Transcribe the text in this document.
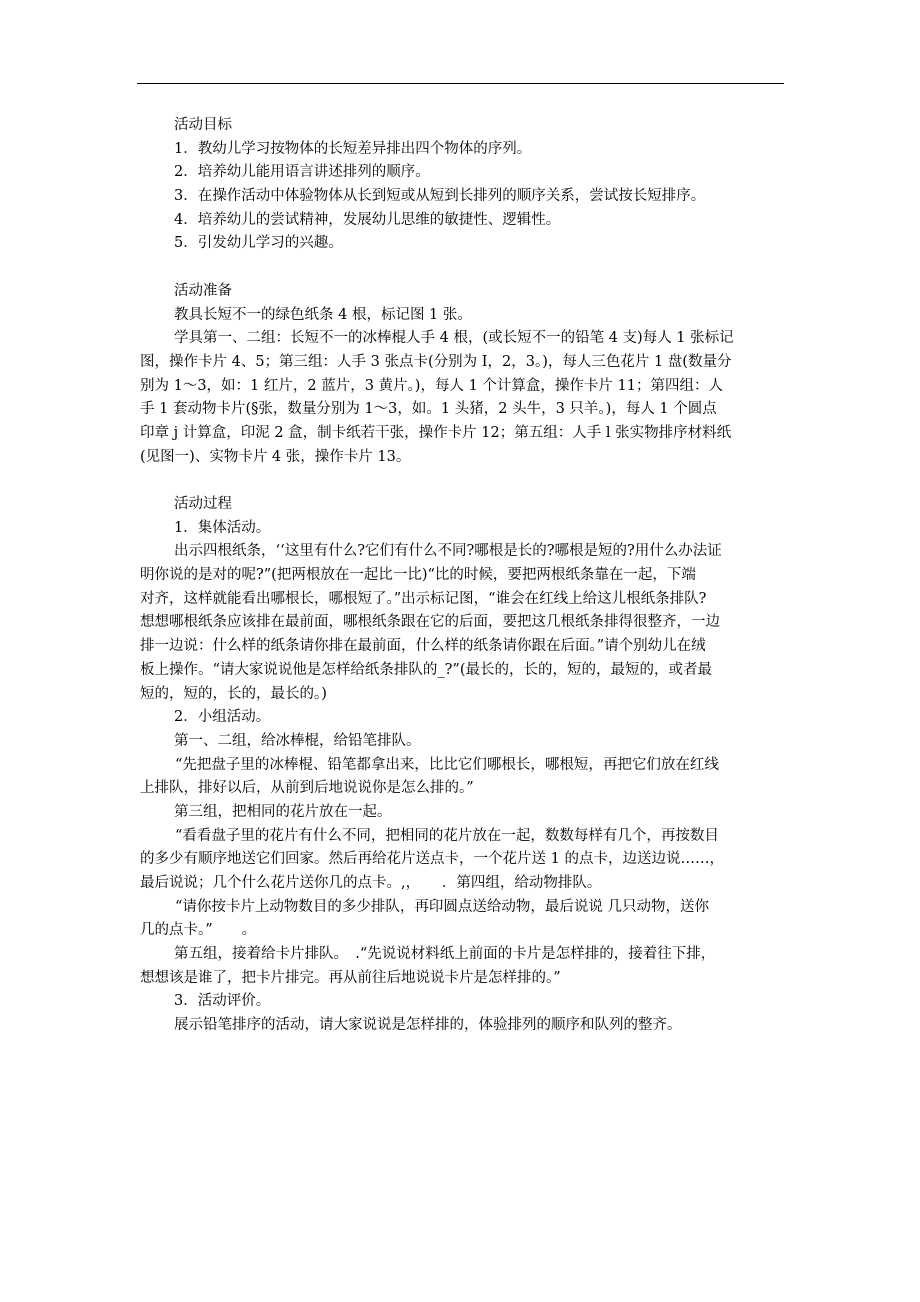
活动目标
1．教幼儿学习按物体的长短差异排出四个物体的序列。
2．培养幼儿能用语言讲述排列的顺序。
3．在操作活动中体验物体从长到短或从短到长排列的顺序关系，尝试按长短排序。
4．培养幼儿的尝试精神，发展幼儿思维的敏捷性、逻辑性。
5．引发幼儿学习的兴趣。
活动准备
教具长短不一的绿色纸条 4 根，标记图 1 张。
学具第一、二组：长短不一的冰棒棍人手 4 根，(或长短不一的铅笔 4 支)每人 1 张标记
图，操作卡片 4、5；第三组：人手 3 张点卡(分别为 I，2，3。)，每人三色花片 1 盘(数量分
别为 1～3，如：1 红片，2 蓝片，3 黄片。)，每人 1 个计算盒，操作卡片 11；第四组：人
手 1 套动物卡片(§张，数量分别为 1～3，如。1 头猪，2 头牛，3 只羊。)，每人 1 个圆点
印章 j 计算盒，印泥 2 盒，制卡纸若干张，操作卡片 12；第五组：人手 l 张实物排序材料纸
(见图一)、实物卡片 4 张，操作卡片 13。
活动过程
1．集体活动。
出示四根纸条，‘‘这里有什么?它们有什么不同?哪根是长的?哪根是短的?用什么办法证
明你说的是对的呢?”(把两根放在一起比一比)“比的时候，要把两根纸条靠在一起，下端
对齐，这样就能看出哪根长，哪根短了。”出示标记图，“谁会在红线上给这儿根纸条排队?
想想哪根纸条应该排在最前面，哪根纸条跟在它的后面，要把这几根纸条排得很整齐，一边
排一边说：什么样的纸条请你排在最前面，什么样的纸条请你跟在后面。”请个别幼儿在绒
板上操作。“请大家说说他是怎样给纸条排队的_?”(最长的，长的，短的，最短的，或者最
短的，短的，长的，最长的。)
2．小组活动。
第一、二组，给冰棒棍，给铅笔排队。
“先把盘子里的冰棒棍、铅笔都拿出来，比比它们哪根长，哪根短，再把它们放在红线
上排队，排好以后，从前到后地说说你是怎么排的。”
第三组，把相同的花片放在一起。
“看看盘子里的花片有什么不同，把相同的花片放在一起，数数每样有几个，再按数目
的多少有顺序地送它们回家。然后再给花片送点卡，一个花片送 1 的点卡，边送边说……，
最后说说；几个什么花片送你几的点卡。,，　　．第四组，给动物排队。
“请你按卡片上动物数目的多少排队，再印圆点送给动物，最后说说 几只动物，送你
几的点卡。”　　。
第五组，接着给卡片排队。　.“先说说材料纸上前面的卡片是怎样排的，接着往下排，
想想该是谁了，把卡片排完。再从前往后地说说卡片是怎样排的。”
3．活动评价。
展示铅笔排序的活动，请大家说说是怎样排的，体验排列的顺序和队列的整齐。
